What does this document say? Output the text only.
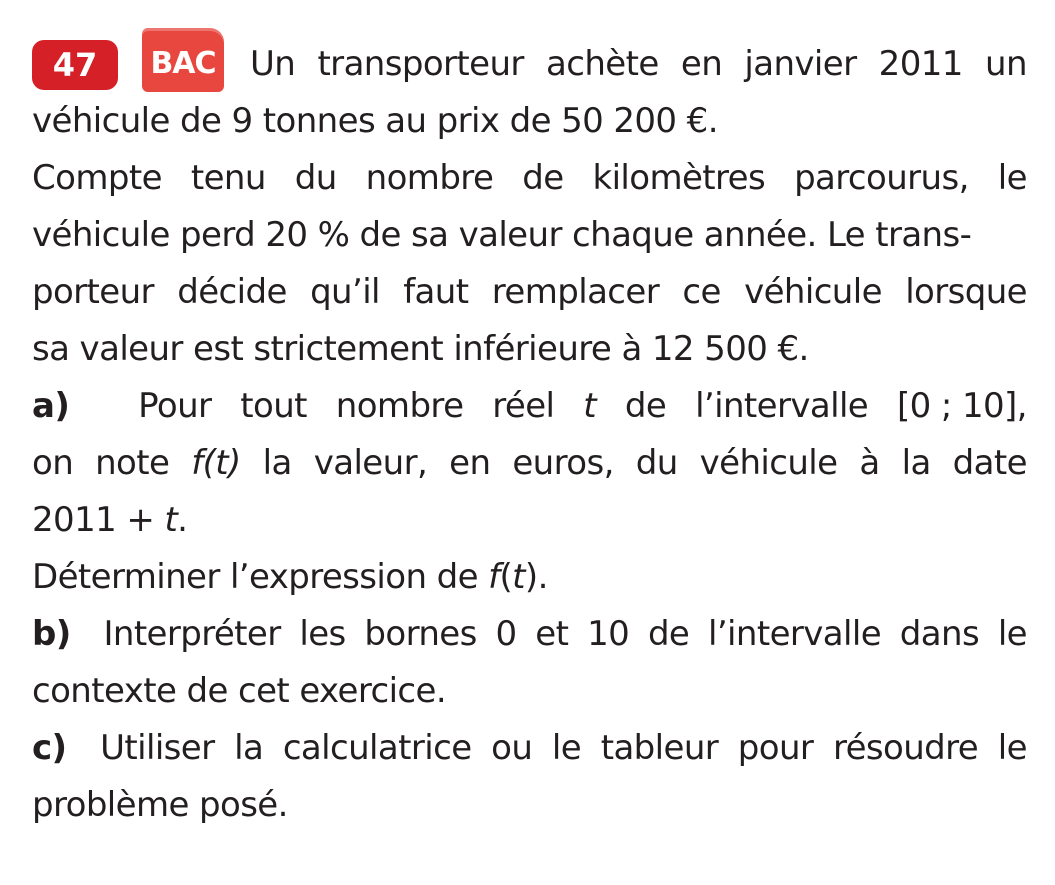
47	BAC Un transporteur achète en janvier 2011 un
véhicule de 9 tonnes au prix de 50 200 €.
Compte tenu du nombre de kilomètres parcourus, le
véhicule perd 20 % de sa valeur chaque année. Le trans-
porteur décide qu’il faut remplacer ce véhicule lorsque
sa valeur est strictement inférieure à 12 500 €.
a) Pour tout nombre réel t de l’intervalle [0 ; 10],
on note f(t) la valeur, en euros, du véhicule à la date
2011 + t.
Déterminer l’expression de f(t).
b) Interpréter les bornes 0 et 10 de l’intervalle dans le
contexte de cet exercice.
c) Utiliser la calculatrice ou le tableur pour résoudre le
problème posé.
